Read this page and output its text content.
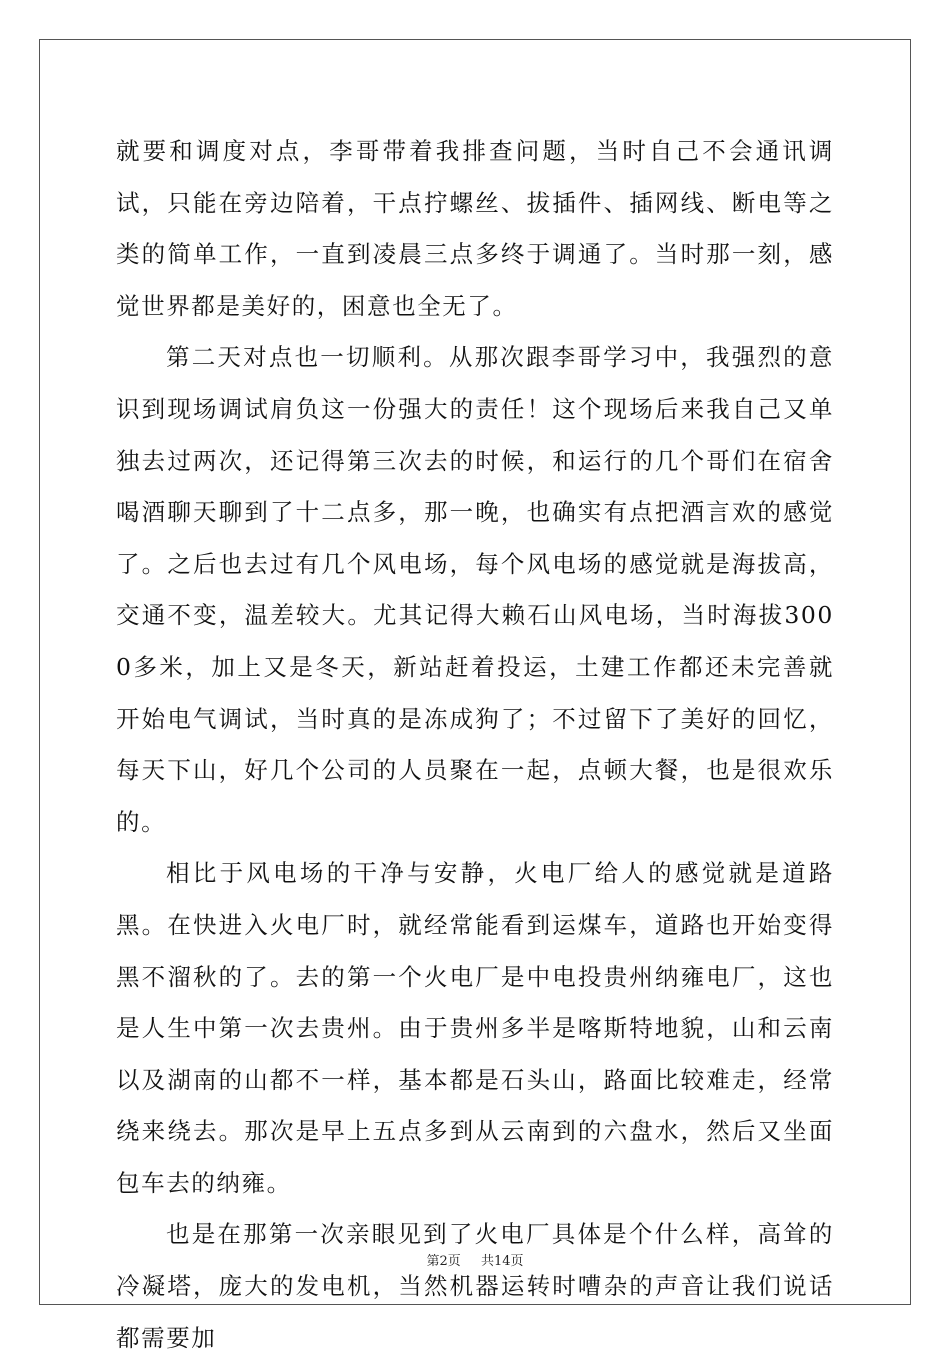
就要和调度对点，李哥带着我排查问题，当时自己不会通讯调试，只能在旁边陪着，干点拧螺丝、拔插件、插网线、断电等之类的简单工作，一直到凌晨三点多终于调通了。当时那一刻，感觉世界都是美好的，困意也全无了。

第二天对点也一切顺利。从那次跟李哥学习中，我强烈的意识到现场调试肩负这一份强大的责任！这个现场后来我自己又单独去过两次，还记得第三次去的时候，和运行的几个哥们在宿舍喝酒聊天聊到了十二点多，那一晚，也确实有点把酒言欢的感觉了。之后也去过有几个风电场，每个风电场的感觉就是海拔高，交通不变，温差较大。尤其记得大赖石山风电场，当时海拔3000多米，加上又是冬天，新站赶着投运，土建工作都还未完善就开始电气调试，当时真的是冻成狗了；不过留下了美好的回忆，每天下山，好几个公司的人员聚在一起，点顿大餐，也是很欢乐的。

相比于风电场的干净与安静，火电厂给人的感觉就是道路黑。在快进入火电厂时，就经常能看到运煤车，道路也开始变得黑不溜秋的了。去的第一个火电厂是中电投贵州纳雍电厂，这也是人生中第一次去贵州。由于贵州多半是喀斯特地貌，山和云南以及湖南的山都不一样，基本都是石头山，路面比较难走，经常绕来绕去。那次是早上五点多到从云南到的六盘水，然后又坐面包车去的纳雍。

也是在那第一次亲眼见到了火电厂具体是个什么样，高耸的冷凝塔，庞大的发电机，当然机器运转时嘈杂的声音让我们说话都需要加

第2页 共14页
